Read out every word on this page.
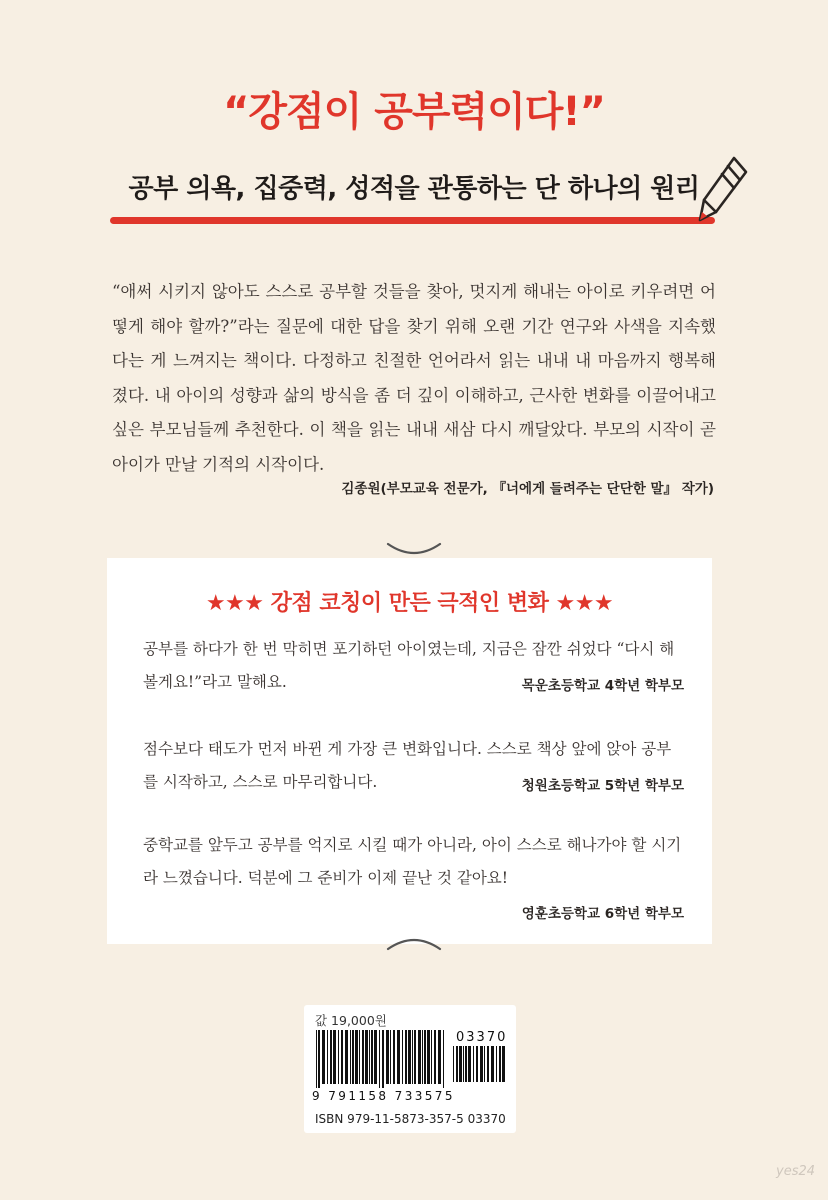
“강점이 공부력이다!”
공부 의욕, 집중력, 성적을 관통하는 단 하나의 원리
“애써 시키지 않아도 스스로 공부할 것들을 찾아, 멋지게 해내는 아이로 키우려면 어떻게 해야 할까?”라는 질문에 대한 답을 찾기 위해 오랜 기간 연구와 사색을 지속했다는 게 느껴지는 책이다. 다정하고 친절한 언어라서 읽는 내내 내 마음까지 행복해졌다. 내 아이의 성향과 삶의 방식을 좀 더 깊이 이해하고, 근사한 변화를 이끌어내고 싶은 부모님들께 추천한다. 이 책을 읽는 내내 새삼 다시 깨달았다. 부모의 시작이 곧 아이가 만날 기적의 시작이다.
김종원(부모교육 전문가, 『너에게 들려주는 단단한 말』 작가)
★★★ 강점 코칭이 만든 극적인 변화 ★★★
공부를 하다가 한 번 막히면 포기하던 아이였는데, 지금은 잠깐 쉬었다 “다시 해볼게요!”라고 말해요.	목운초등학교 4학년 학부모
점수보다 태도가 먼저 바뀐 게 가장 큰 변화입니다. 스스로 책상 앞에 앉아 공부를 시작하고, 스스로 마무리합니다.	청원초등학교 5학년 학부모
중학교를 앞두고 공부를 억지로 시킬 때가 아니라, 아이 스스로 해나가야 할 시기라 느꼈습니다. 덕분에 그 준비가 이제 끝난 것 같아요!
영훈초등학교 6학년 학부모
값 19,000원
03370
9 791158 733575
ISBN 979-11-5873-357-5 03370
yes24
